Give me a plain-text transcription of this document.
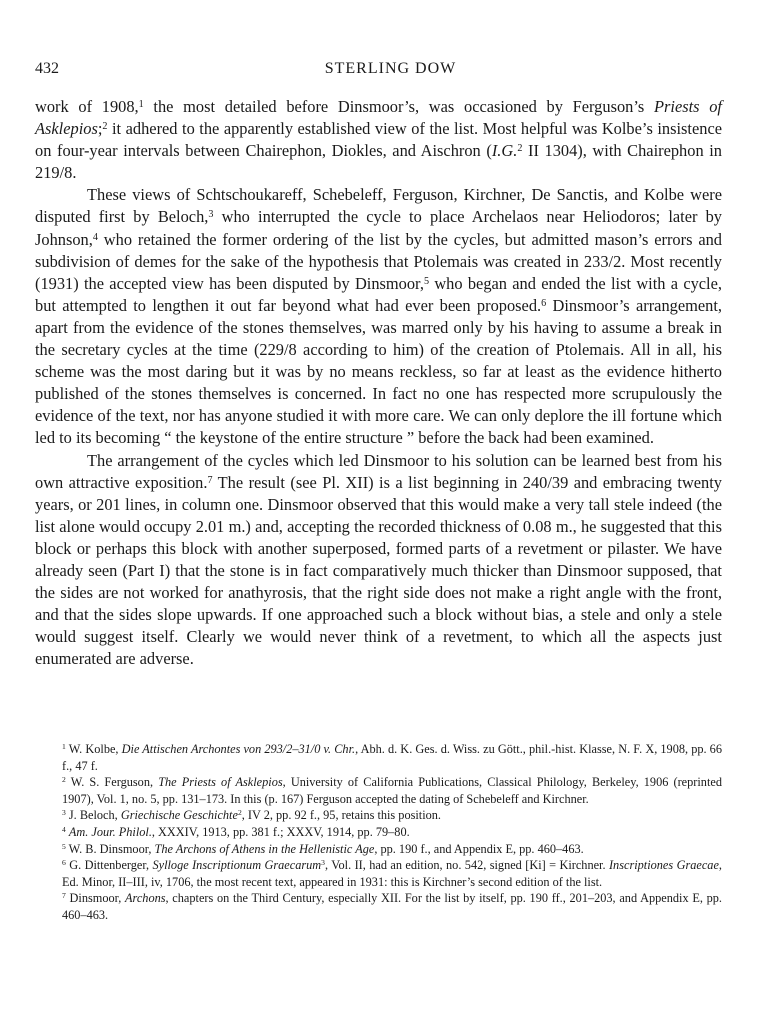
432	STERLING DOW

work of 1908,$^1$ the most detailed before Dinsmoor’s, was occasioned by Ferguson’s Priests of Asklepios;$^2$ it adhered to the apparently established view of the list. Most helpful was Kolbe’s insistence on four-year intervals between Chairephon, Diokles, and Aischron (I.G.$^2$ II 1304), with Chairephon in 219/8.

These views of Schtschoukareff, Schebeleff, Ferguson, Kirchner, De Sanctis, and Kolbe were disputed first by Beloch,$^3$ who interrupted the cycle to place Archelaos near Heliodoros; later by Johnson,$^4$ who retained the former ordering of the list by the cycles, but admitted mason’s errors and subdivision of demes for the sake of the hypothesis that Ptolemais was created in 233/2. Most recently (1931) the accepted view has been disputed by Dinsmoor,$^5$ who began and ended the list with a cycle, but attempted to lengthen it out far beyond what had ever been proposed.$^6$ Dinsmoor’s arrangement, apart from the evidence of the stones themselves, was marred only by his having to assume a break in the secretary cycles at the time (229/8 according to him) of the creation of Ptolemais. All in all, his scheme was the most daring but it was by no means reckless, so far at least as the evidence hitherto published of the stones themselves is concerned. In fact no one has respected more scrupulously the evidence of the text, nor has anyone studied it with more care. We can only deplore the ill fortune which led to its becoming “ the keystone of the entire structure ” before the back had been examined.

The arrangement of the cycles which led Dinsmoor to his solution can be learned best from his own attractive exposition.$^7$ The result (see Pl. XII) is a list beginning in 240/39 and embracing twenty years, or 201 lines, in column one. Dinsmoor observed that this would make a very tall stele indeed (the list alone would occupy 2.01 m.) and, accepting the recorded thickness of 0.08 m., he suggested that this block or perhaps this block with another superposed, formed parts of a revetment or pilaster. We have already seen (Part I) that the stone is in fact comparatively much thicker than Dinsmoor supposed, that the sides are not worked for anathyrosis, that the right side does not make a right angle with the front, and that the sides slope upwards. If one approached such a block without bias, a stele and only a stele would suggest itself. Clearly we would never think of a revetment, to which all the aspects just enumerated are adverse.

$^1$ W. Kolbe, Die Attischen Archontes von 293/2–31/0 v. Chr., Abh. d. K. Ges. d. Wiss. zu Gött., phil.-hist. Klasse, N. F. X, 1908, pp. 66 f., 47 f.

$^2$ W. S. Ferguson, The Priests of Asklepios, University of California Publications, Classical Philology, Berkeley, 1906 (reprinted 1907), Vol. 1, no. 5, pp. 131–173. In this (p. 167) Ferguson accepted the dating of Schebeleff and Kirchner.

$^3$ J. Beloch, Griechische Geschichte$^2$, IV 2, pp. 92 f., 95, retains this position.

$^4$ Am. Jour. Philol., XXXIV, 1913, pp. 381 f.; XXXV, 1914, pp. 79–80.

$^5$ W. B. Dinsmoor, The Archons of Athens in the Hellenistic Age, pp. 190 f., and Appendix E, pp. 460–463.

$^6$ G. Dittenberger, Sylloge Inscriptionum Graecarum$^3$, Vol. II, had an edition, no. 542, signed [Ki] = Kirchner. Inscriptiones Graecae, Ed. Minor, II–III, iv, 1706, the most recent text, appeared in 1931: this is Kirchner’s second edition of the list.

$^7$ Dinsmoor, Archons, chapters on the Third Century, especially XII. For the list by itself, pp. 190 ff., 201–203, and Appendix E, pp. 460–463.
